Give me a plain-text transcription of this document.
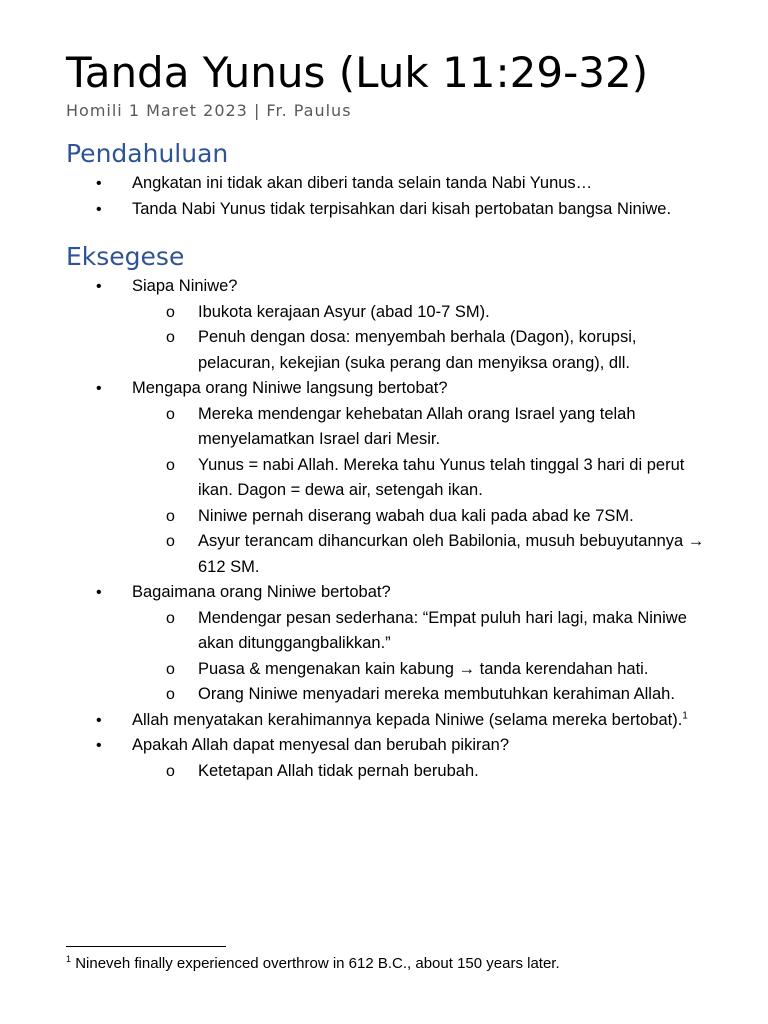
Tanda Yunus (Luk 11:29-32)
Homili 1 Maret 2023 | Fr. Paulus
Pendahuluan
• Angkatan ini tidak akan diberi tanda selain tanda Nabi Yunus…
• Tanda Nabi Yunus tidak terpisahkan dari kisah pertobatan bangsa Niniwe.
Eksegese
• Siapa Niniwe?
o Ibukota kerajaan Asyur (abad 10-7 SM).
o Penuh dengan dosa: menyembah berhala (Dagon), korupsi, pelacuran, kekejian (suka perang dan menyiksa orang), dll.
• Mengapa orang Niniwe langsung bertobat?
o Mereka mendengar kehebatan Allah orang Israel yang telah menyelamatkan Israel dari Mesir.
o Yunus = nabi Allah. Mereka tahu Yunus telah tinggal 3 hari di perut ikan. Dagon = dewa air, setengah ikan.
o Niniwe pernah diserang wabah dua kali pada abad ke 7SM.
o Asyur terancam dihancurkan oleh Babilonia, musuh bebuyutannya → 612 SM.
• Bagaimana orang Niniwe bertobat?
o Mendengar pesan sederhana: “Empat puluh hari lagi, maka Niniwe akan ditunggangbalikkan.”
o Puasa & mengenakan kain kabung → tanda kerendahan hati.
o Orang Niniwe menyadari mereka membutuhkan kerahiman Allah.
• Allah menyatakan kerahimannya kepada Niniwe (selama mereka bertobat).$^1$
• Apakah Allah dapat menyesal dan berubah pikiran?
o Ketetapan Allah tidak pernah berubah.
$^1$ Nineveh finally experienced overthrow in 612 B.C., about 150 years later.
